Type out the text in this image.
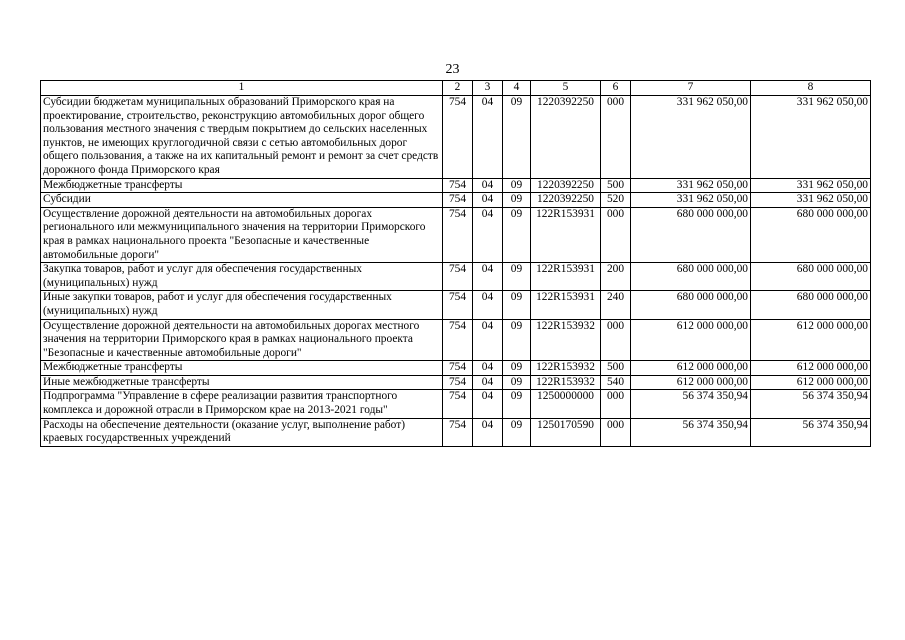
23
1	2	3	4	5	6	7	8
Субсидии бюджетам муниципальных образований Приморского края на проектирование, строительство, реконструкцию автомобильных дорог общего пользования местного значения с твердым покрытием до сельских населенных пунктов, не имеющих круглогодичной связи с сетью автомобильных дорог общего пользования, а также на их капитальный ремонт и ремонт за счет средств дорожного фонда Приморского края	754	04	09	1220392250	000	331 962 050,00	331 962 050,00
Межбюджетные трансферты	754	04	09	1220392250	500	331 962 050,00	331 962 050,00
Субсидии	754	04	09	1220392250	520	331 962 050,00	331 962 050,00
Осуществление дорожной деятельности на автомобильных дорогах регионального или межмуниципального значения на территории Приморского края в рамках национального проекта "Безопасные и качественные автомобильные дороги"	754	04	09	122R153931	000	680 000 000,00	680 000 000,00
Закупка товаров, работ и услуг для обеспечения государственных (муниципальных) нужд	754	04	09	122R153931	200	680 000 000,00	680 000 000,00
Иные закупки товаров, работ и услуг для обеспечения государственных (муниципальных) нужд	754	04	09	122R153931	240	680 000 000,00	680 000 000,00
Осуществление дорожной деятельности на автомобильных дорогах местного значения на территории Приморского края в рамках национального проекта "Безопасные и качественные автомобильные дороги"	754	04	09	122R153932	000	612 000 000,00	612 000 000,00
Межбюджетные трансферты	754	04	09	122R153932	500	612 000 000,00	612 000 000,00
Иные межбюджетные трансферты	754	04	09	122R153932	540	612 000 000,00	612 000 000,00
Подпрограмма "Управление в сфере реализации развития транспортного комплекса и дорожной отрасли в Приморском крае на 2013-2021 годы"	754	04	09	1250000000	000	56 374 350,94	56 374 350,94
Расходы на обеспечение деятельности (оказание услуг, выполнение работ) краевых государственных учреждений	754	04	09	1250170590	000	56 374 350,94	56 374 350,94
